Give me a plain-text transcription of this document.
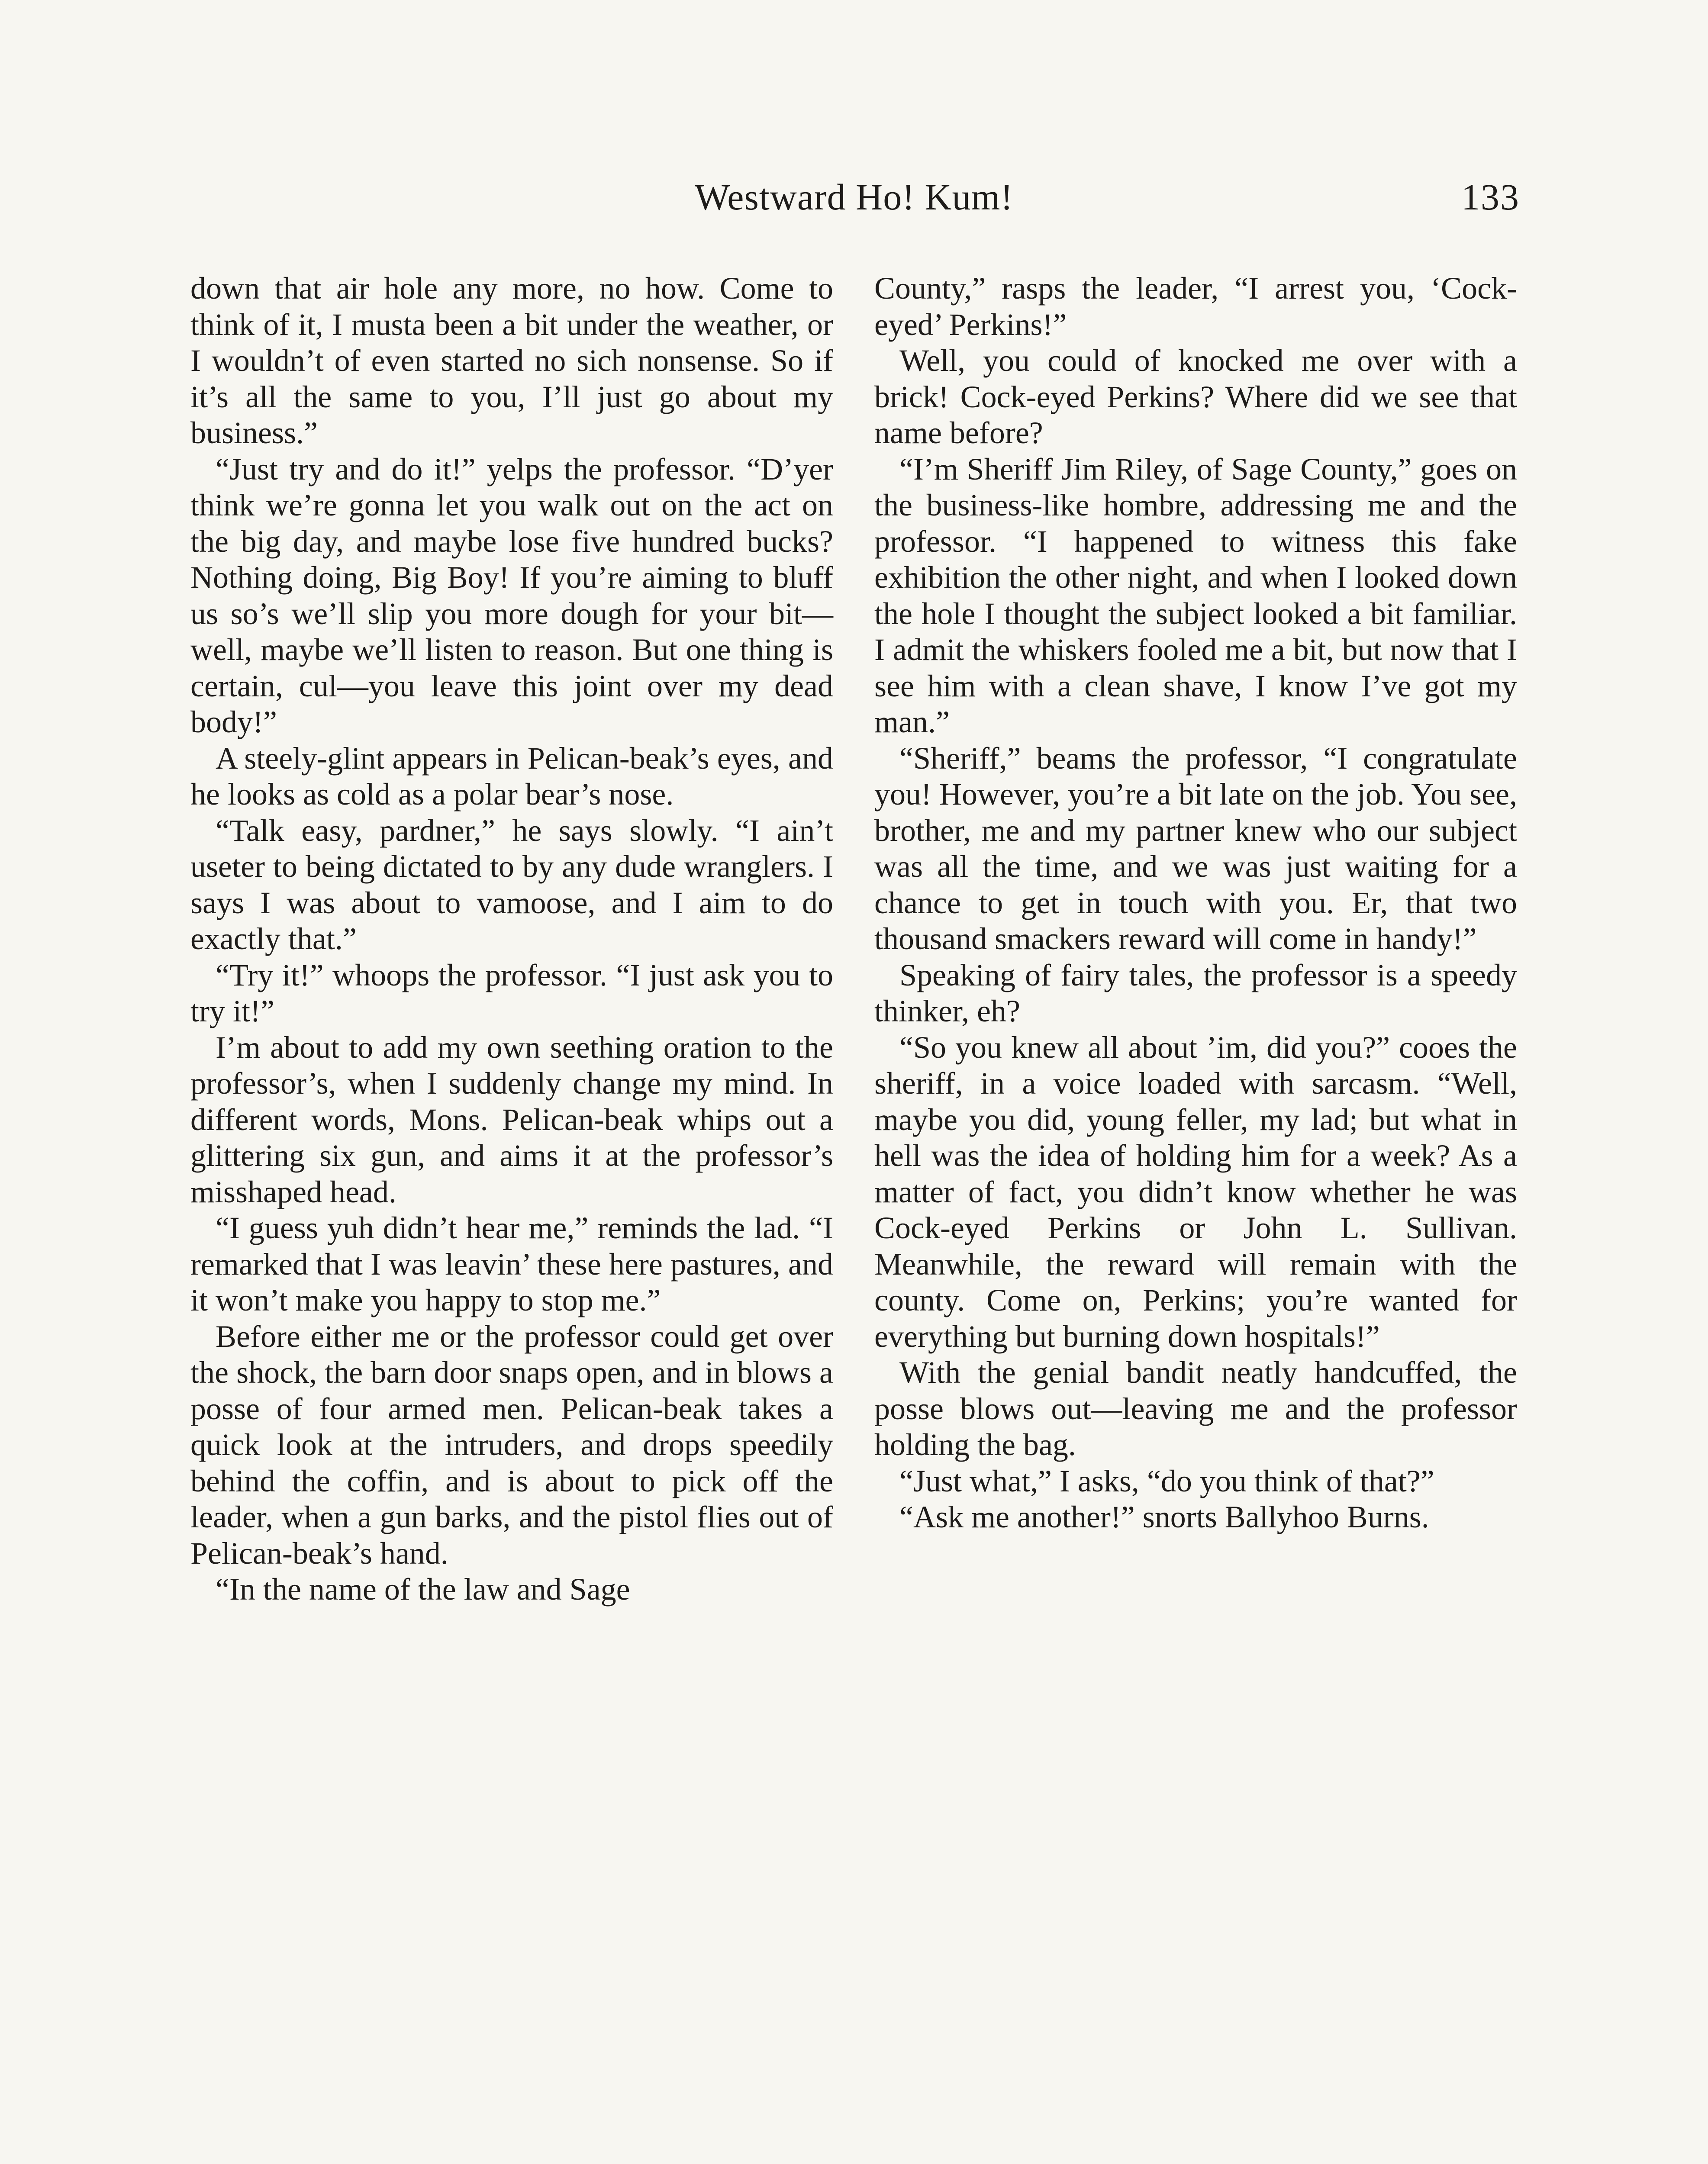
Westward Ho! Kum!	133

down that air hole any more, no how. Come to think of it, I musta been a bit under the weather, or I wouldn’t of even started no sich nonsense. So if it’s all the same to you, I’ll just go about my business.”

“Just try and do it!” yelps the professor. “D’yer think we’re gonna let you walk out on the act on the big day, and maybe lose five hundred bucks? Nothing doing, Big Boy! If you’re aiming to bluff us so’s we’ll slip you more dough for your bit—well, maybe we’ll listen to reason. But one thing is certain, cul—you leave this joint over my dead body!”

A steely-glint appears in Pelican-beak’s eyes, and he looks as cold as a polar bear’s nose.

“Talk easy, pardner,” he says slowly. “I ain’t useter to being dictated to by any dude wranglers. I says I was about to vamoose, and I aim to do exactly that.”

“Try it!” whoops the professor. “I just ask you to try it!”

I’m about to add my own seething oration to the professor’s, when I suddenly change my mind. In different words, Mons. Pelican-beak whips out a glittering six gun, and aims it at the professor’s misshaped head.

“I guess yuh didn’t hear me,” reminds the lad. “I remarked that I was leavin’ these here pastures, and it won’t make you happy to stop me.”

Before either me or the professor could get over the shock, the barn door snaps open, and in blows a posse of four armed men. Pelican-beak takes a quick look at the intruders, and drops speedily behind the coffin, and is about to pick off the leader, when a gun barks, and the pistol flies out of Pelican-beak’s hand.

“In the name of the law and Sage

County,” rasps the leader, “I arrest you, ‘Cock-eyed’ Perkins!”

Well, you could of knocked me over with a brick! Cock-eyed Perkins? Where did we see that name before?

“I’m Sheriff Jim Riley, of Sage County,” goes on the business-like hombre, addressing me and the professor. “I happened to witness this fake exhibition the other night, and when I looked down the hole I thought the subject looked a bit familiar. I admit the whiskers fooled me a bit, but now that I see him with a clean shave, I know I’ve got my man.”

“Sheriff,” beams the professor, “I congratulate you! However, you’re a bit late on the job. You see, brother, me and my partner knew who our subject was all the time, and we was just waiting for a chance to get in touch with you. Er, that two thousand smackers reward will come in handy!”

Speaking of fairy tales, the professor is a speedy thinker, eh?

“So you knew all about ’im, did you?” cooes the sheriff, in a voice loaded with sarcasm. “Well, maybe you did, young feller, my lad; but what in hell was the idea of holding him for a week? As a matter of fact, you didn’t know whether he was Cock-eyed Perkins or John L. Sullivan. Meanwhile, the reward will remain with the county. Come on, Perkins; you’re wanted for everything but burning down hospitals!”

With the genial bandit neatly handcuffed, the posse blows out—leaving me and the professor holding the bag.

“Just what,” I asks, “do you think of that?”

“Ask me another!” snorts Ballyhoo Burns.
